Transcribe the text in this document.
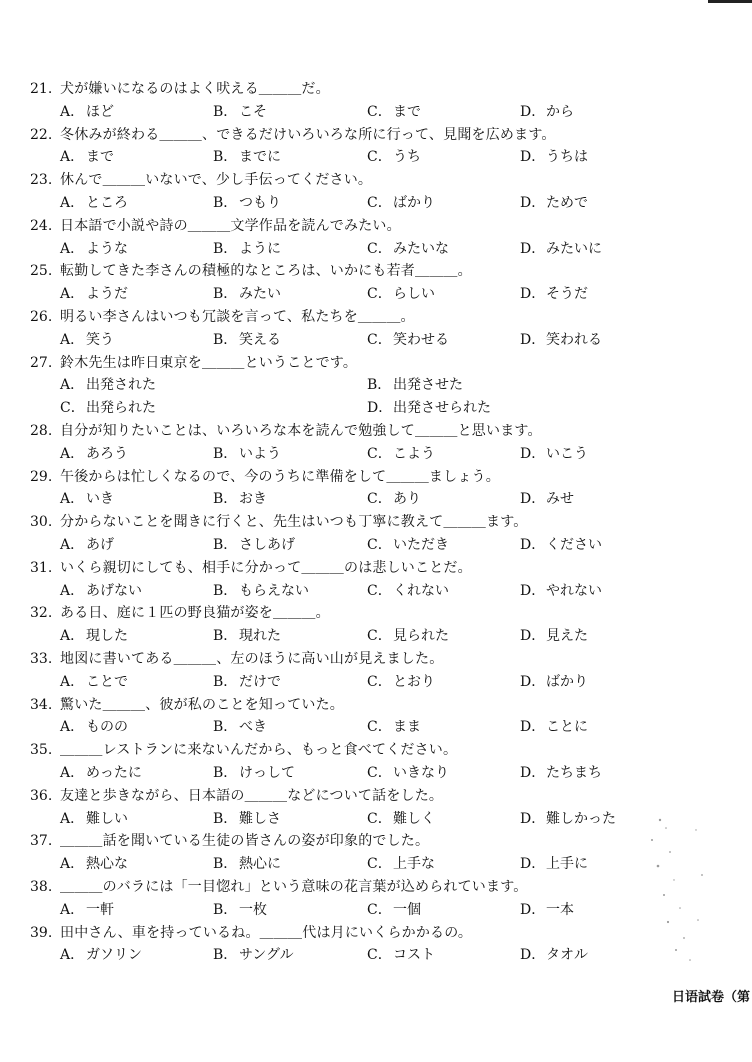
21. 犬が嫌いになるのはよく吠える＿＿＿だ。
A． ほど	B． こそ	C．まで	D．から
22. 冬休みが終わる＿＿＿、できるだけいろいろな所に行って、見聞を広めます。
A． まで	B． までに	C．うち	D．うちは
23. 休んで＿＿＿いないで、少し手伝ってください。
A． ところ	B． つもり	C．ばかり	D．ためで
24. 日本語で小説や詩の＿＿＿文学作品を読んでみたい。
A． ような	B． ように	C．みたいな	D．みたいに
25. 転勤してきた李さんの積極的なところは、いかにも若者＿＿＿。
A． ようだ	B． みたい	C．らしい	D．そうだ
26. 明るい李さんはいつも冗談を言って、私たちを＿＿＿。
A． 笑う	B． 笑える	C．笑わせる	D．笑われる
27. 鈴木先生は昨日東京を＿＿＿ということです。
A． 出発された	B． 出発させた
C．出発られた	D．出発させられた
28. 自分が知りたいことは、いろいろな本を読んで勉強して＿＿＿と思います。
A． あろう	B． いよう	C．こよう	D．いこう
29. 午後からは忙しくなるので、今のうちに準備をして＿＿＿ましょう。
A． いき	B． おき	C．あり	D．みせ
30. 分からないことを聞きに行くと、先生はいつも丁寧に教えて＿＿＿ます。
A． あげ	B． さしあげ	C．いただき	D．ください
31. いくら親切にしても、相手に分かって＿＿＿のは悲しいことだ。
A． あげない	B． もらえない	C．くれない	D．やれない
32. ある日、庭に１匹の野良猫が姿を＿＿＿。
A． 現した	B． 現れた	C．見られた	D．見えた
33. 地図に書いてある＿＿＿、左のほうに高い山が見えました。
A． ことで	B． だけで	C．とおり	D．ばかり
34. 驚いた＿＿＿、彼が私のことを知っていた。
A． ものの	B． べき	C．まま	D．ことに
35. ＿＿＿レストランに来ないんだから、もっと食べてください。
A． めったに	B． けっして	C．いきなり	D．たちまち
36. 友達と歩きながら、日本語の＿＿＿などについて話をした。
A． 難しい	B． 難しさ	C．難しく	D．難しかった
37. ＿＿＿話を聞いている生徒の皆さんの姿が印象的でした。
A． 熱心な	B． 熱心に	C．上手な	D．上手に
38. ＿＿＿のバラには「一目惚れ」という意味の花言葉が込められています。
A． 一軒	B． 一枚	C．一個	D．一本
39. 田中さん、車を持っているね。＿＿＿代は月にいくらかかるの。
A． ガソリン	B． サングル	C．コスト	D．タオル
日语試卷（第
